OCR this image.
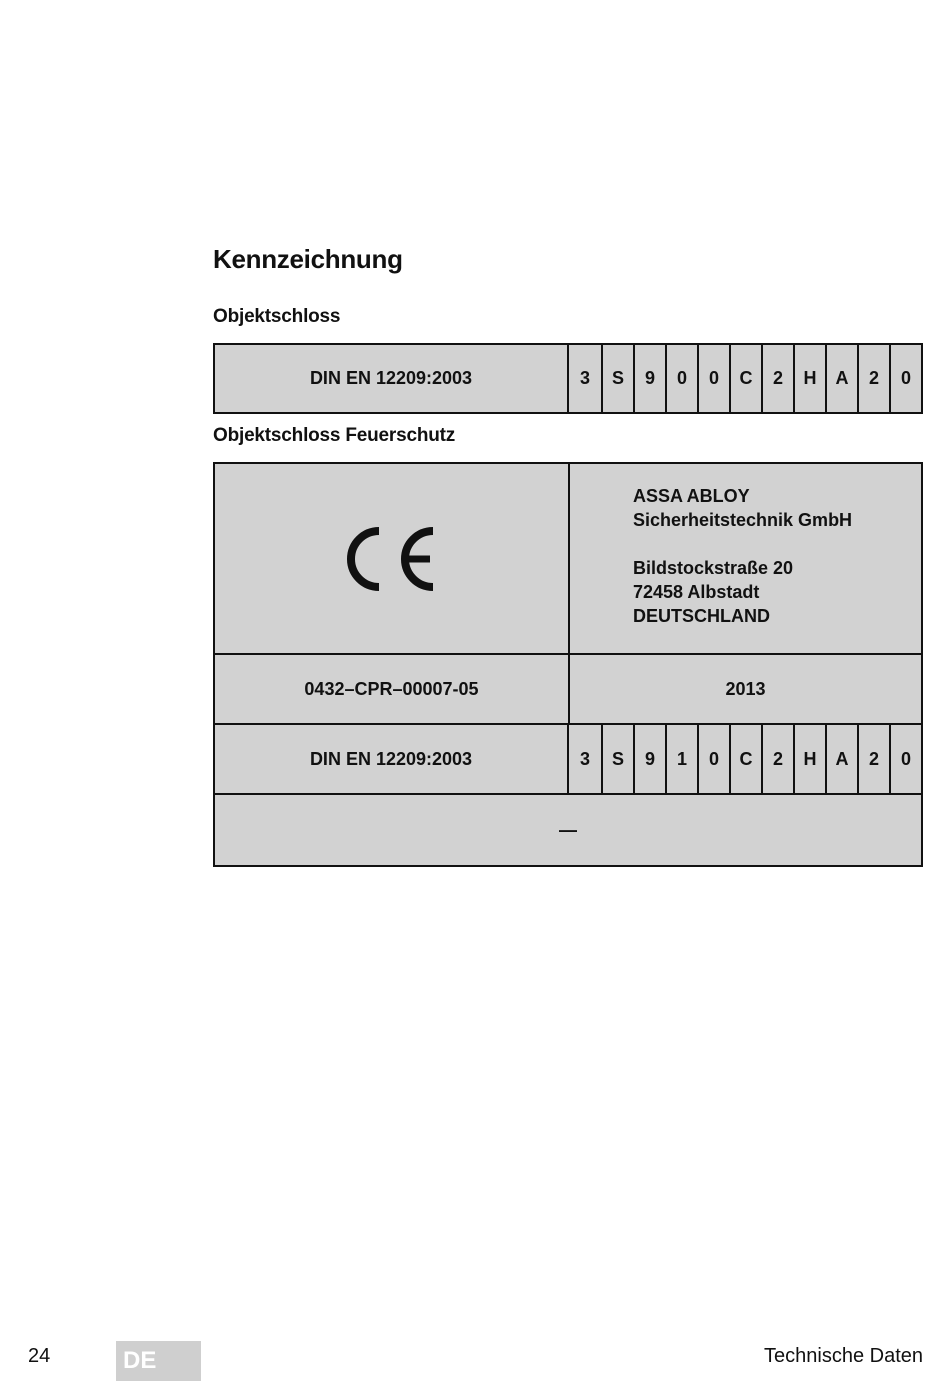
Kennzeichnung
Objektschloss
DIN EN 12209:2003	3	S	9	0	0	C	2	H	A	2	0
Objektschloss Feuerschutz
ASSA ABLOY
Sicherheitstechnik GmbH
Bildstockstraße 20
72458 Albstadt
DEUTSCHLAND
0432–CPR–00007-05	2013
DIN EN 12209:2003	3	S	9	1	0	C	2	H	A	2	0
—
24	DE	Technische Daten
